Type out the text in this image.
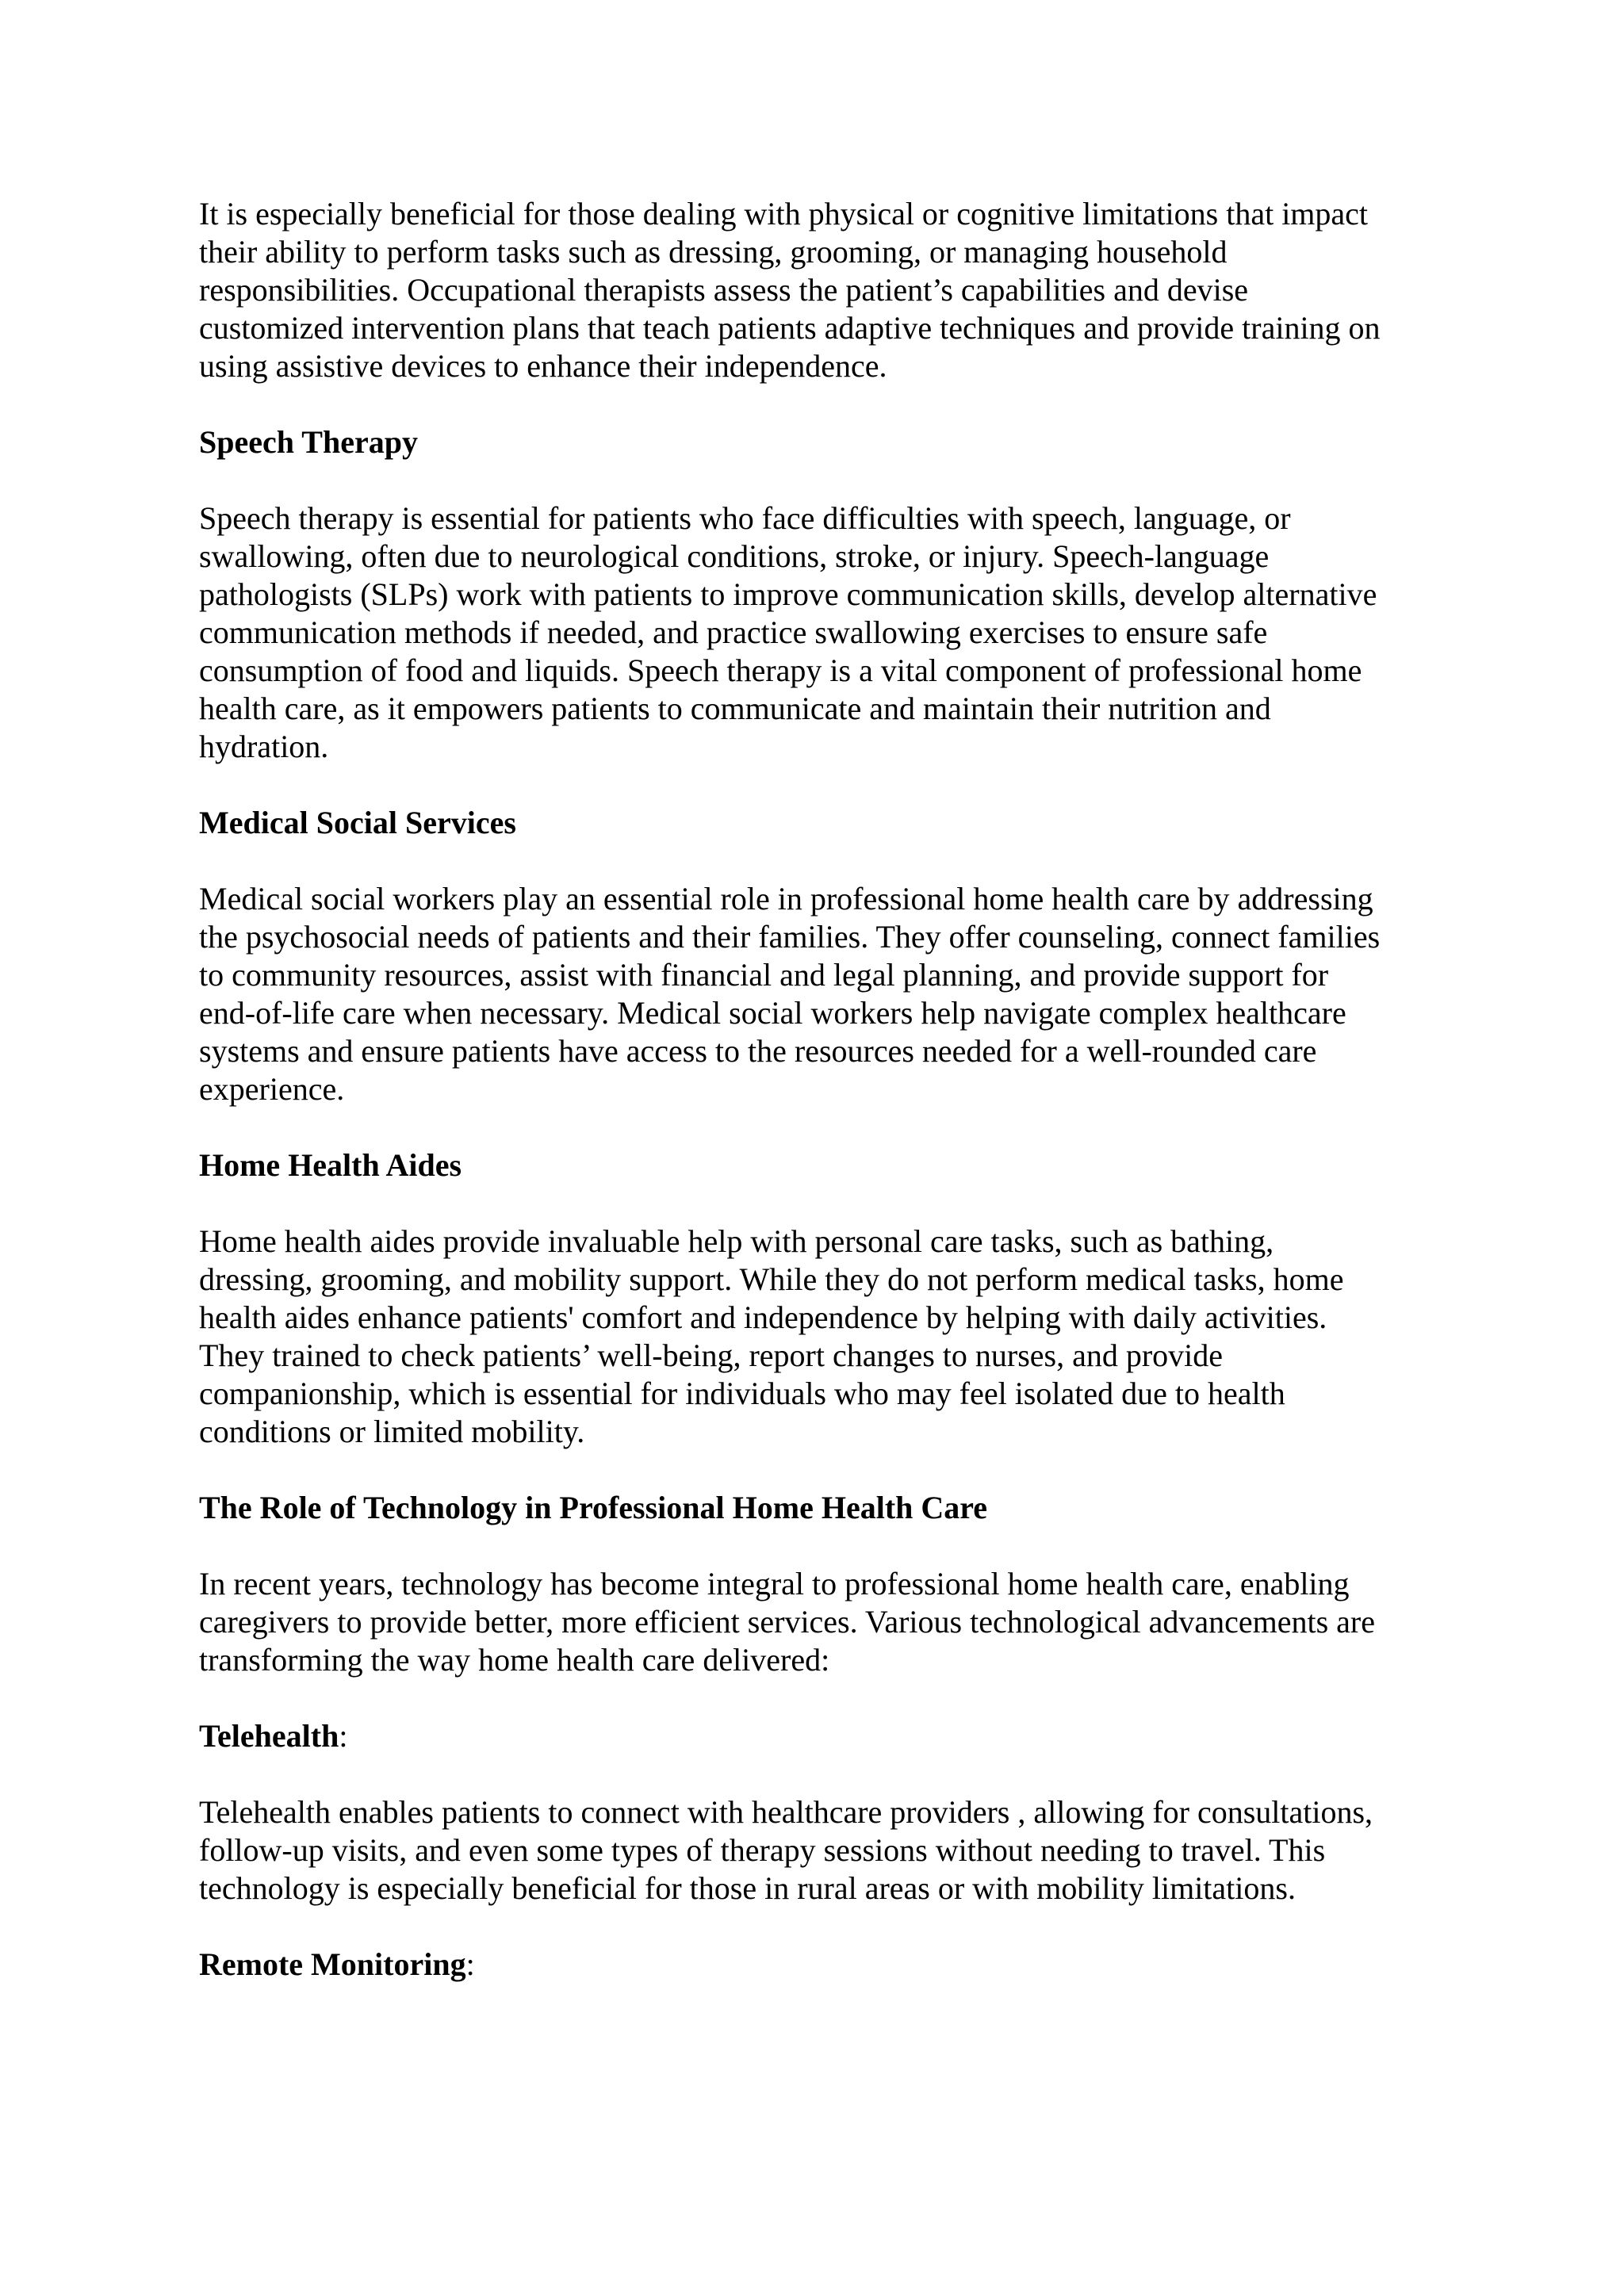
It is especially beneficial for those dealing with physical or cognitive limitations that impact
their ability to perform tasks such as dressing, grooming, or managing household
responsibilities. Occupational therapists assess the patient’s capabilities and devise
customized intervention plans that teach patients adaptive techniques and provide training on
using assistive devices to enhance their independence.

Speech Therapy

Speech therapy is essential for patients who face difficulties with speech, language, or
swallowing, often due to neurological conditions, stroke, or injury. Speech-language
pathologists (SLPs) work with patients to improve communication skills, develop alternative
communication methods if needed, and practice swallowing exercises to ensure safe
consumption of food and liquids. Speech therapy is a vital component of professional home
health care, as it empowers patients to communicate and maintain their nutrition and
hydration.

Medical Social Services

Medical social workers play an essential role in professional home health care by addressing
the psychosocial needs of patients and their families. They offer counseling, connect families
to community resources, assist with financial and legal planning, and provide support for
end-of-life care when necessary. Medical social workers help navigate complex healthcare
systems and ensure patients have access to the resources needed for a well-rounded care
experience.

Home Health Aides

Home health aides provide invaluable help with personal care tasks, such as bathing,
dressing, grooming, and mobility support. While they do not perform medical tasks, home
health aides enhance patients' comfort and independence by helping with daily activities.
They trained to check patients’ well-being, report changes to nurses, and provide
companionship, which is essential for individuals who may feel isolated due to health
conditions or limited mobility.

The Role of Technology in Professional Home Health Care

In recent years, technology has become integral to professional home health care, enabling
caregivers to provide better, more efficient services. Various technological advancements are
transforming the way home health care delivered:

Telehealth:

Telehealth enables patients to connect with healthcare providers , allowing for consultations,
follow-up visits, and even some types of therapy sessions without needing to travel. This
technology is especially beneficial for those in rural areas or with mobility limitations.

Remote Monitoring:
